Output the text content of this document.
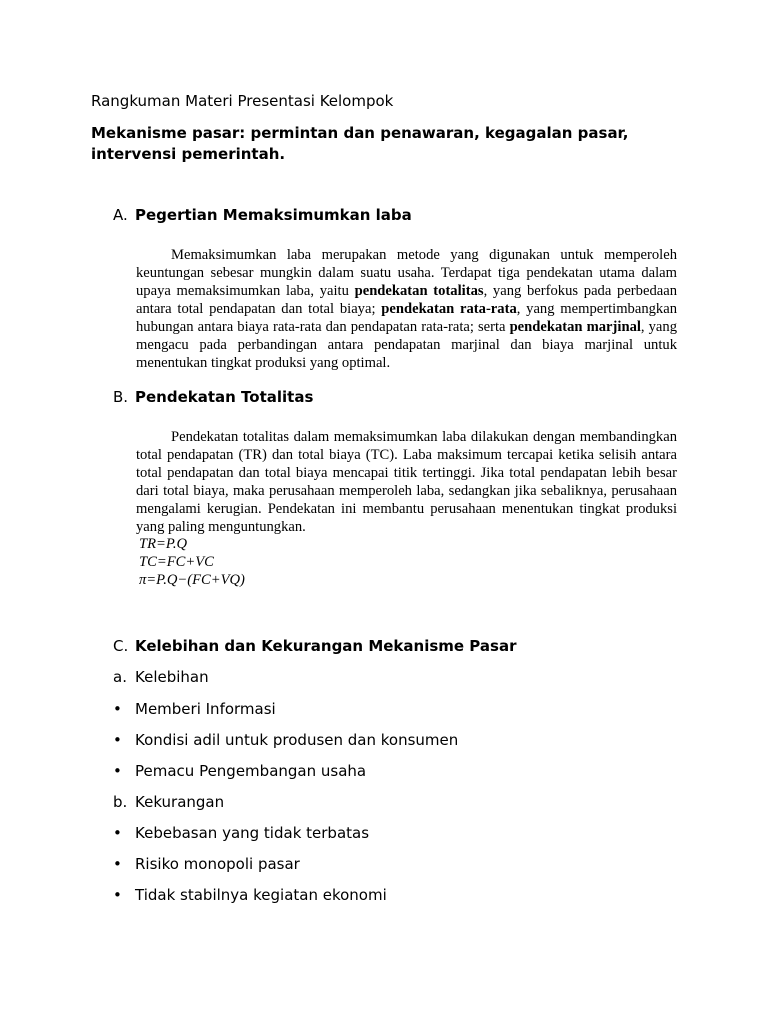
Rangkuman Materi Presentasi Kelompok

Mekanisme pasar: permintan dan penawaran, kegagalan pasar, intervensi pemerintah.

A. Pegertian Memaksimumkan laba

Memaksimumkan laba merupakan metode yang digunakan untuk memperoleh keuntungan sebesar mungkin dalam suatu usaha. Terdapat tiga pendekatan utama dalam upaya memaksimumkan laba, yaitu pendekatan totalitas, yang berfokus pada perbedaan antara total pendapatan dan total biaya; pendekatan rata-rata, yang mempertimbangkan hubungan antara biaya rata-rata dan pendapatan rata-rata; serta pendekatan marjinal, yang mengacu pada perbandingan antara pendapatan marjinal dan biaya marjinal untuk menentukan tingkat produksi yang optimal.

B. Pendekatan Totalitas

Pendekatan totalitas dalam memaksimumkan laba dilakukan dengan membandingkan total pendapatan (TR) dan total biaya (TC). Laba maksimum tercapai ketika selisih antara total pendapatan dan total biaya mencapai titik tertinggi. Jika total pendapatan lebih besar dari total biaya, maka perusahaan memperoleh laba, sedangkan jika sebaliknya, perusahaan mengalami kerugian. Pendekatan ini membantu perusahaan menentukan tingkat produksi yang paling menguntungkan.

TR=P.Q

TC=FC+VC

π=P.Q−(FC+VQ)

C. Kelebihan dan Kekurangan Mekanisme Pasar

a. Kelebihan

• Memberi Informasi

• Kondisi adil untuk produsen dan konsumen

• Pemacu Pengembangan usaha

b. Kekurangan

• Kebebasan yang tidak terbatas

• Risiko monopoli pasar

• Tidak stabilnya kegiatan ekonomi
